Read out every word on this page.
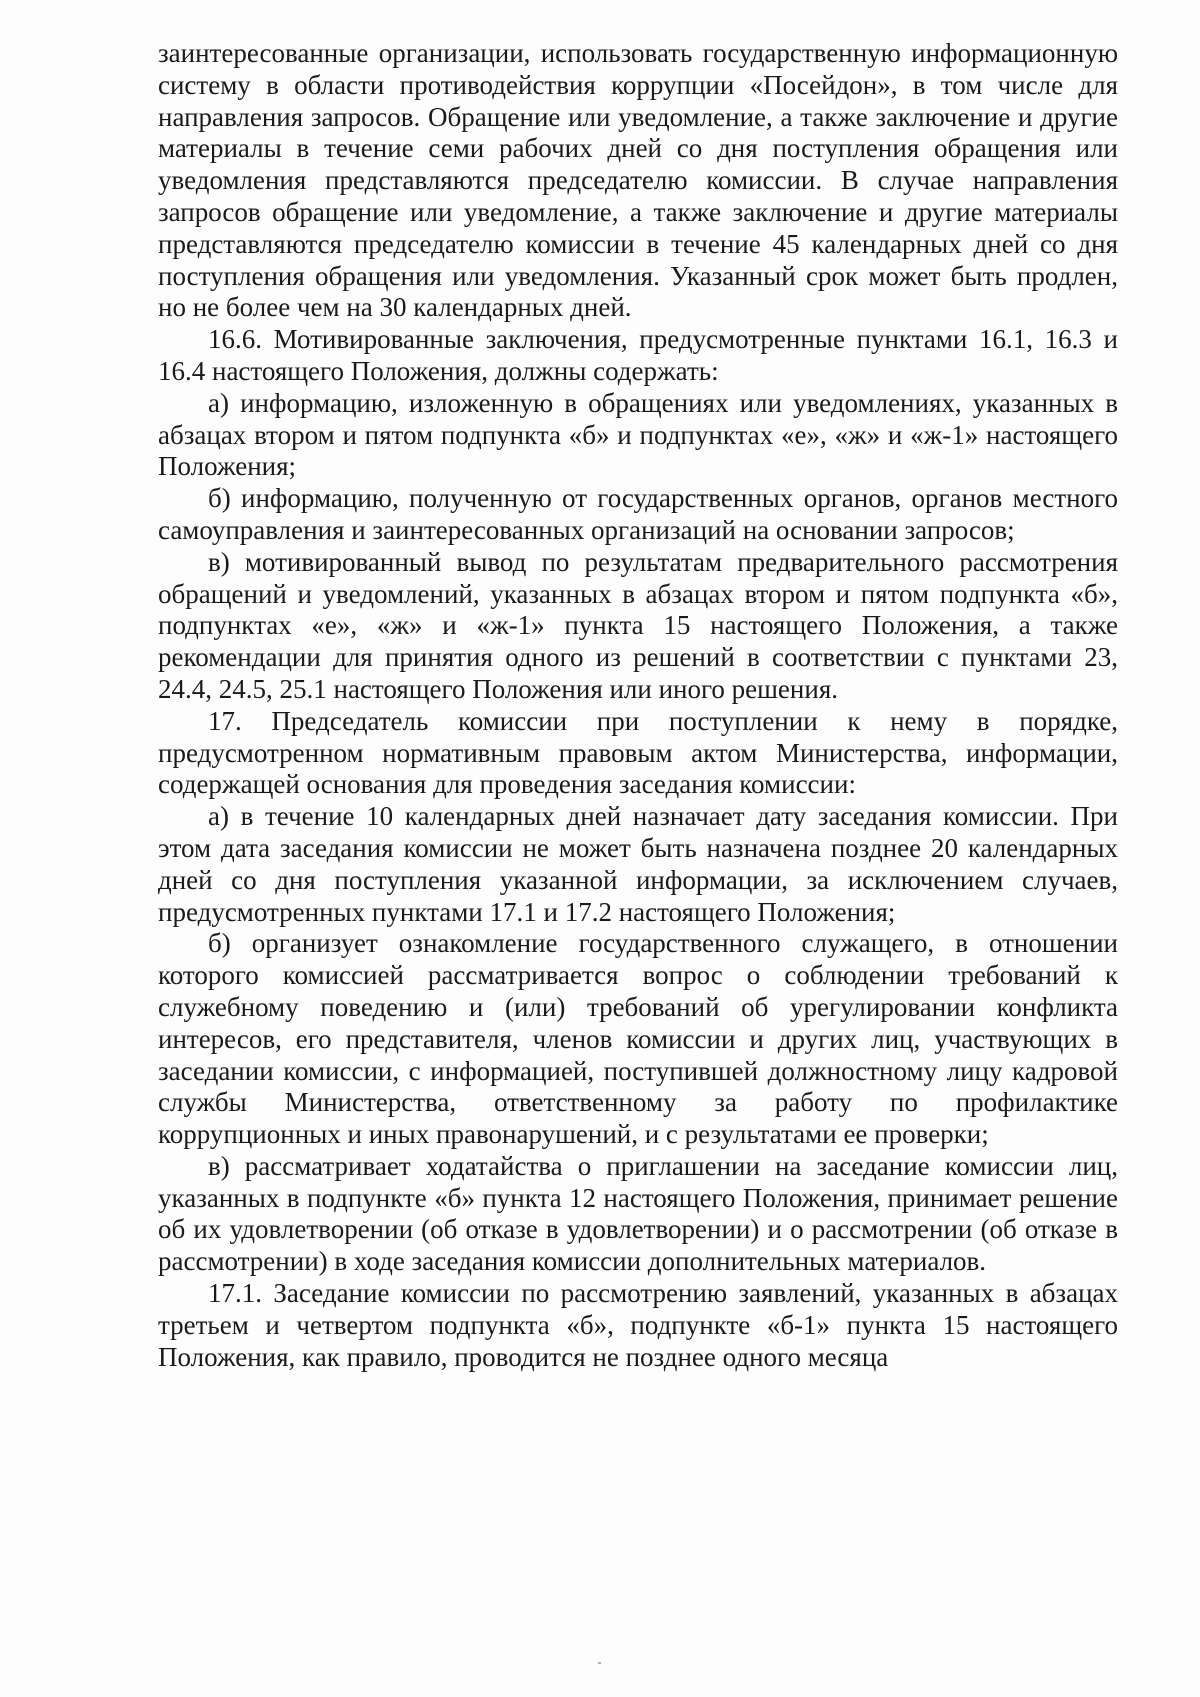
заинтересованные организации, использовать государственную информационную систему в области противодействия коррупции «Посейдон», в том числе для направления запросов. Обращение или уведомление, а также заключение и другие материалы в течение семи рабочих дней со дня поступления обращения или уведомления представляются председателю комиссии. В случае направления запросов обращение или уведомление, а также заключение и другие материалы представляются председателю комиссии в течение 45 календарных дней со дня поступления обращения или уведомления. Указанный срок может быть продлен, но не более чем на 30 календарных дней.

16.6. Мотивированные заключения, предусмотренные пунктами 16.1, 16.3 и 16.4 настоящего Положения, должны содержать:

а) информацию, изложенную в обращениях или уведомлениях, указанных в абзацах втором и пятом подпункта «б» и подпунктах «е», «ж» и «ж-1» настоящего Положения;

б) информацию, полученную от государственных органов, органов местного самоуправления и заинтересованных организаций на основании запросов;

в) мотивированный вывод по результатам предварительного рассмотрения обращений и уведомлений, указанных в абзацах втором и пятом подпункта «б», подпунктах «е», «ж» и «ж-1» пункта 15 настоящего Положения, а также рекомендации для принятия одного из решений в соответствии с пунктами 23, 24.4, 24.5, 25.1 настоящего Положения или иного решения.

17. Председатель комиссии при поступлении к нему в порядке, предусмотренном нормативным правовым актом Министерства, информации, содержащей основания для проведения заседания комиссии:

а) в течение 10 календарных дней назначает дату заседания комиссии. При этом дата заседания комиссии не может быть назначена позднее 20 календарных дней со дня поступления указанной информации, за исключением случаев, предусмотренных пунктами 17.1 и 17.2 настоящего Положения;

б) организует ознакомление государственного служащего, в отношении которого комиссией рассматривается вопрос о соблюдении требований к служебному поведению и (или) требований об урегулировании конфликта интересов, его представителя, членов комиссии и других лиц, участвующих в заседании комиссии, с информацией, поступившей должностному лицу кадровой службы Министерства, ответственному за работу по профилактике коррупционных и иных правонарушений, и с результатами ее проверки;

в) рассматривает ходатайства о приглашении на заседание комиссии лиц, указанных в подпункте «б» пункта 12 настоящего Положения, принимает решение об их удовлетворении (об отказе в удовлетворении) и о рассмотрении (об отказе в рассмотрении) в ходе заседания комиссии дополнительных материалов.

17.1. Заседание комиссии по рассмотрению заявлений, указанных в абзацах третьем и четвертом подпункта «б», подпункте «б-1» пункта 15 настоящего Положения, как правило, проводится не позднее одного месяца
